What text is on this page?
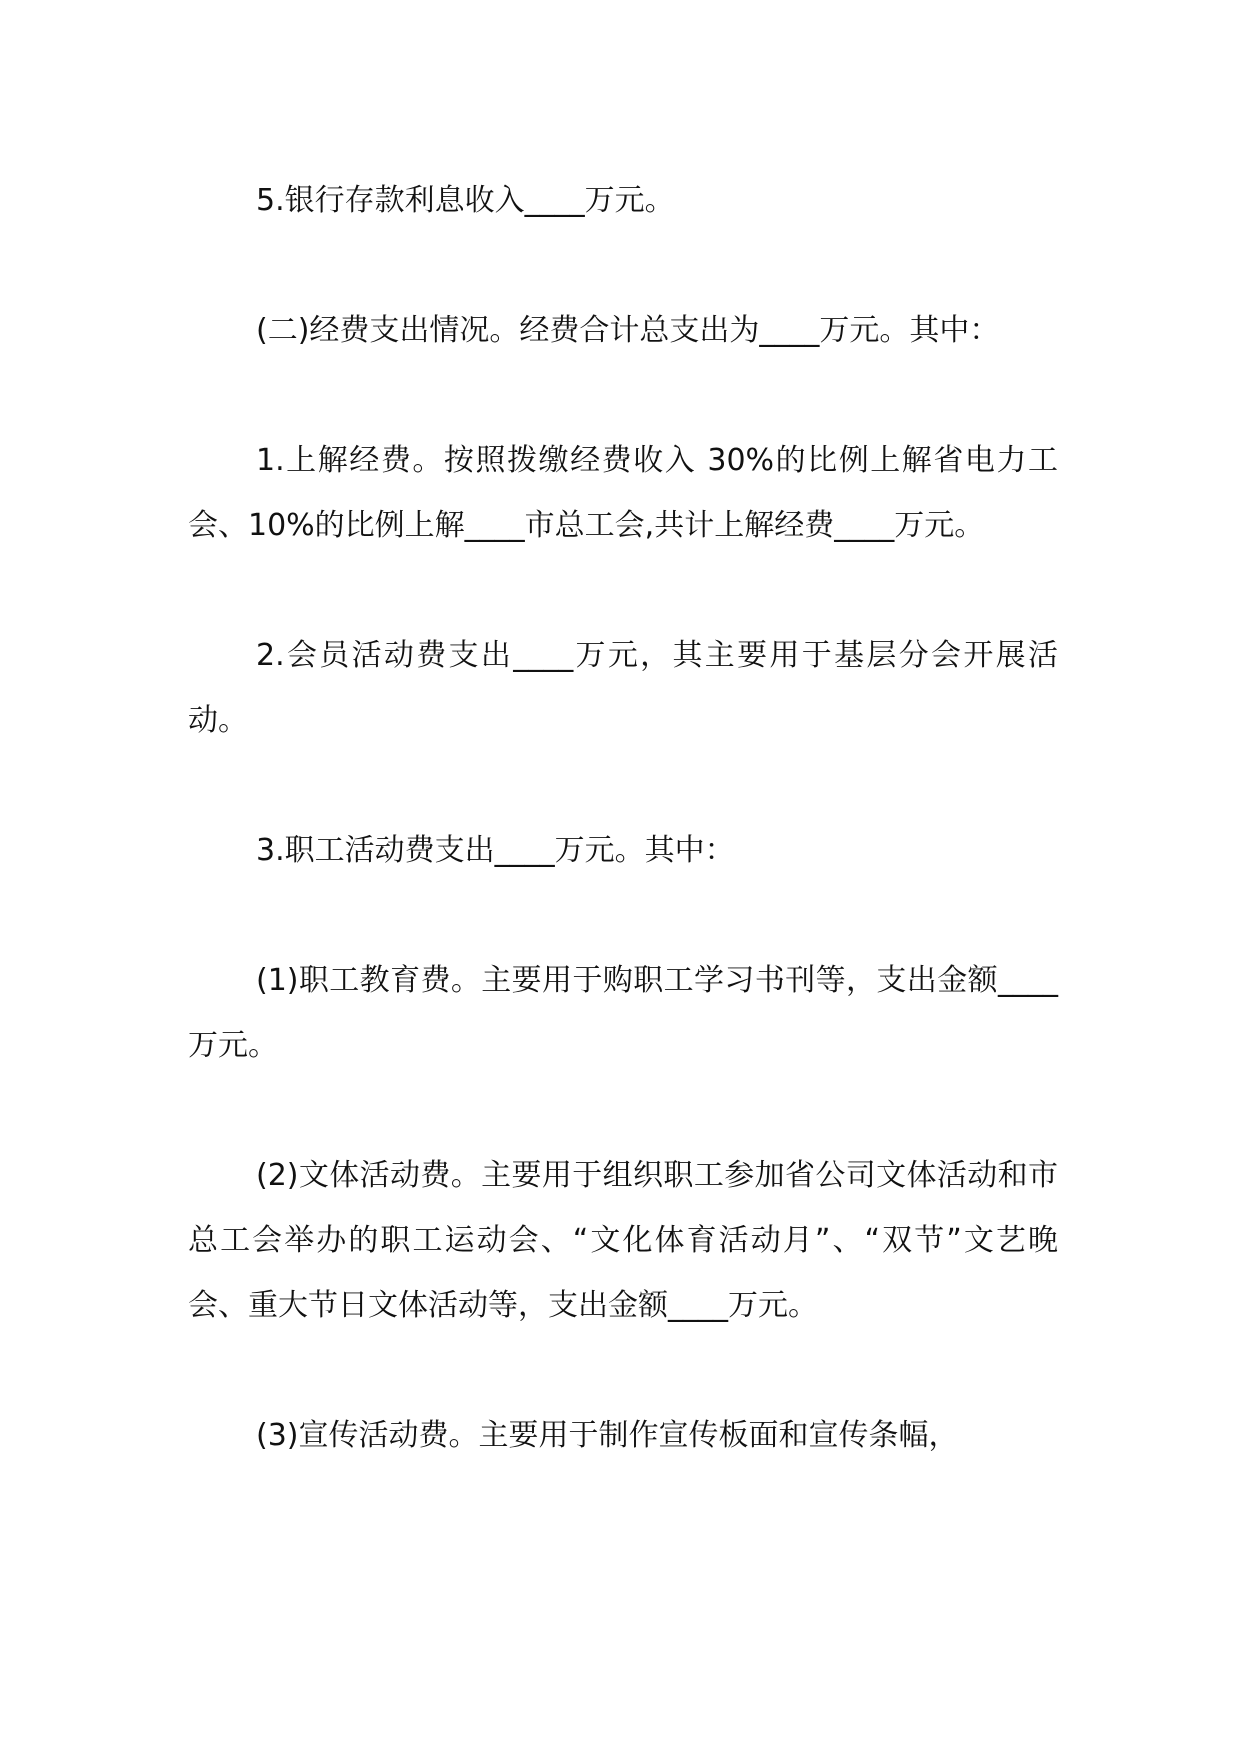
5.银行存款利息收入____万元。

(二)经费支出情况。经费合计总支出为____万元。其中：

1.上解经费。按照拨缴经费收入 30%的比例上解省电力工会、10%的比例上解____市总工会,共计上解经费____万元。

2.会员活动费支出____万元，其主要用于基层分会开展活动。

3.职工活动费支出____万元。其中：

(1)职工教育费。主要用于购职工学习书刊等，支出金额____万元。

(2)文体活动费。主要用于组织职工参加省公司文体活动和市总工会举办的职工运动会、“文化体育活动月”、“双节”文艺晚会、重大节日文体活动等，支出金额____万元。

(3)宣传活动费。主要用于制作宣传板面和宣传条幅，
